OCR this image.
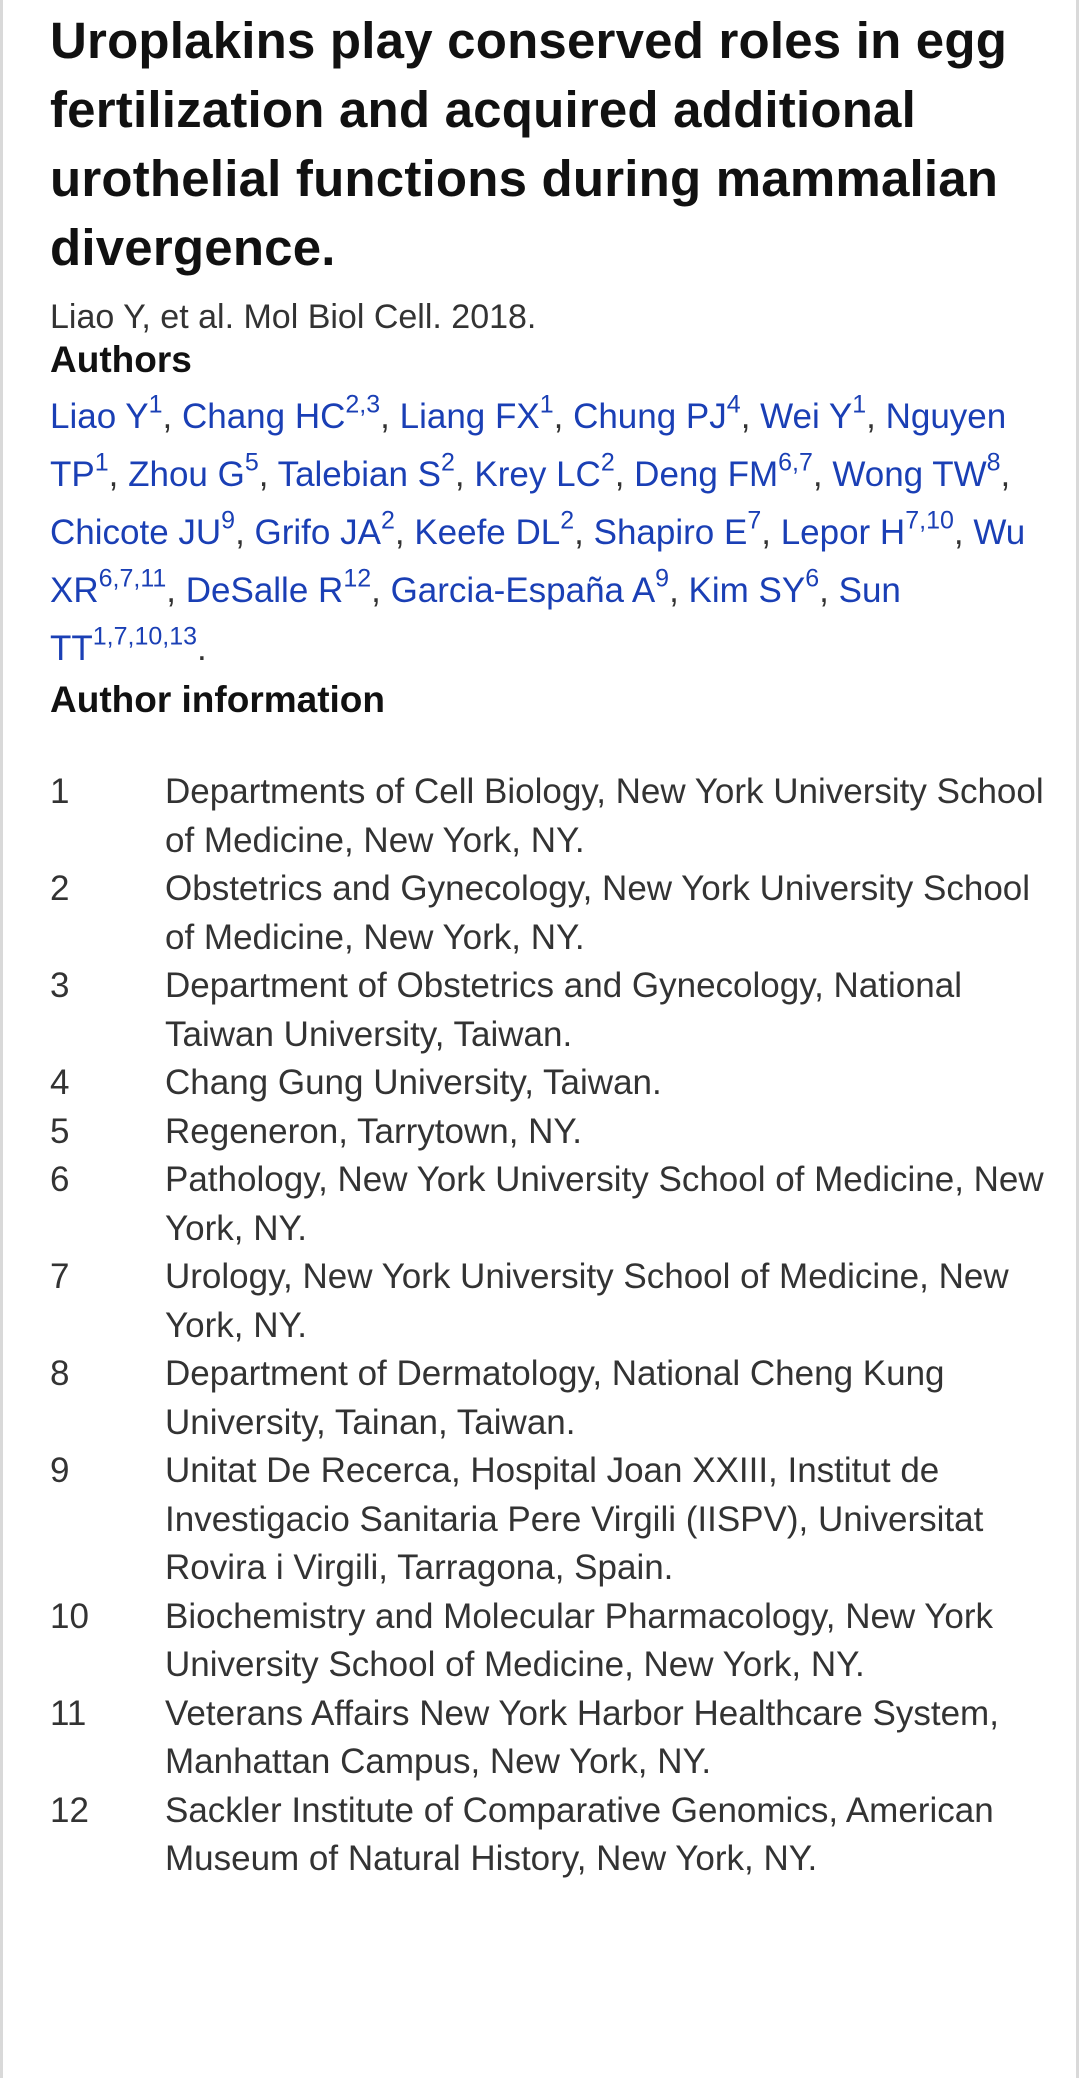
Uroplakins play conserved roles in egg fertilization and acquired additional urothelial functions during mammalian divergence.
Liao Y, et al. Mol Biol Cell. 2018.
Authors
Liao $Y^1$, Chang HC$^{2,3}$, Liang $FX^1$, Chung $PJ^4$, Wei $Y^1$, Nguyen $TP^1$, Zhou $G^5$, Talebian $S^2$, Krey $LC^2$, Deng FM$^{6,7}$, Wong $TW^8$, Chicote $JU^9$, Grifo $JA^2$, Keefe $DL^2$, Shapiro $E^7$, Lepor H$^{7,10}$, Wu XR$^{6,7,11}$, DeSalle $R^{12}$, Garcia-España $A^9$, Kim $SY^6$, Sun TT$^{1,7,10,13}$.
Author information
1	Departments of Cell Biology, New York University School of Medicine, New York, NY.
2	Obstetrics and Gynecology, New York University School of Medicine, New York, NY.
3	Department of Obstetrics and Gynecology, National Taiwan University, Taiwan.
4	Chang Gung University, Taiwan.
5	Regeneron, Tarrytown, NY.
6	Pathology, New York University School of Medicine, New York, NY.
7	Urology, New York University School of Medicine, New York, NY.
8	Department of Dermatology, National Cheng Kung University, Tainan, Taiwan.
9	Unitat De Recerca, Hospital Joan XXIII, Institut de Investigacio Sanitaria Pere Virgili (IISPV), Universitat Rovira i Virgili, Tarragona, Spain.
10	Biochemistry and Molecular Pharmacology, New York University School of Medicine, New York, NY.
11	Veterans Affairs New York Harbor Healthcare System, Manhattan Campus, New York, NY.
12	Sackler Institute of Comparative Genomics, American Museum of Natural History, New York, NY.
